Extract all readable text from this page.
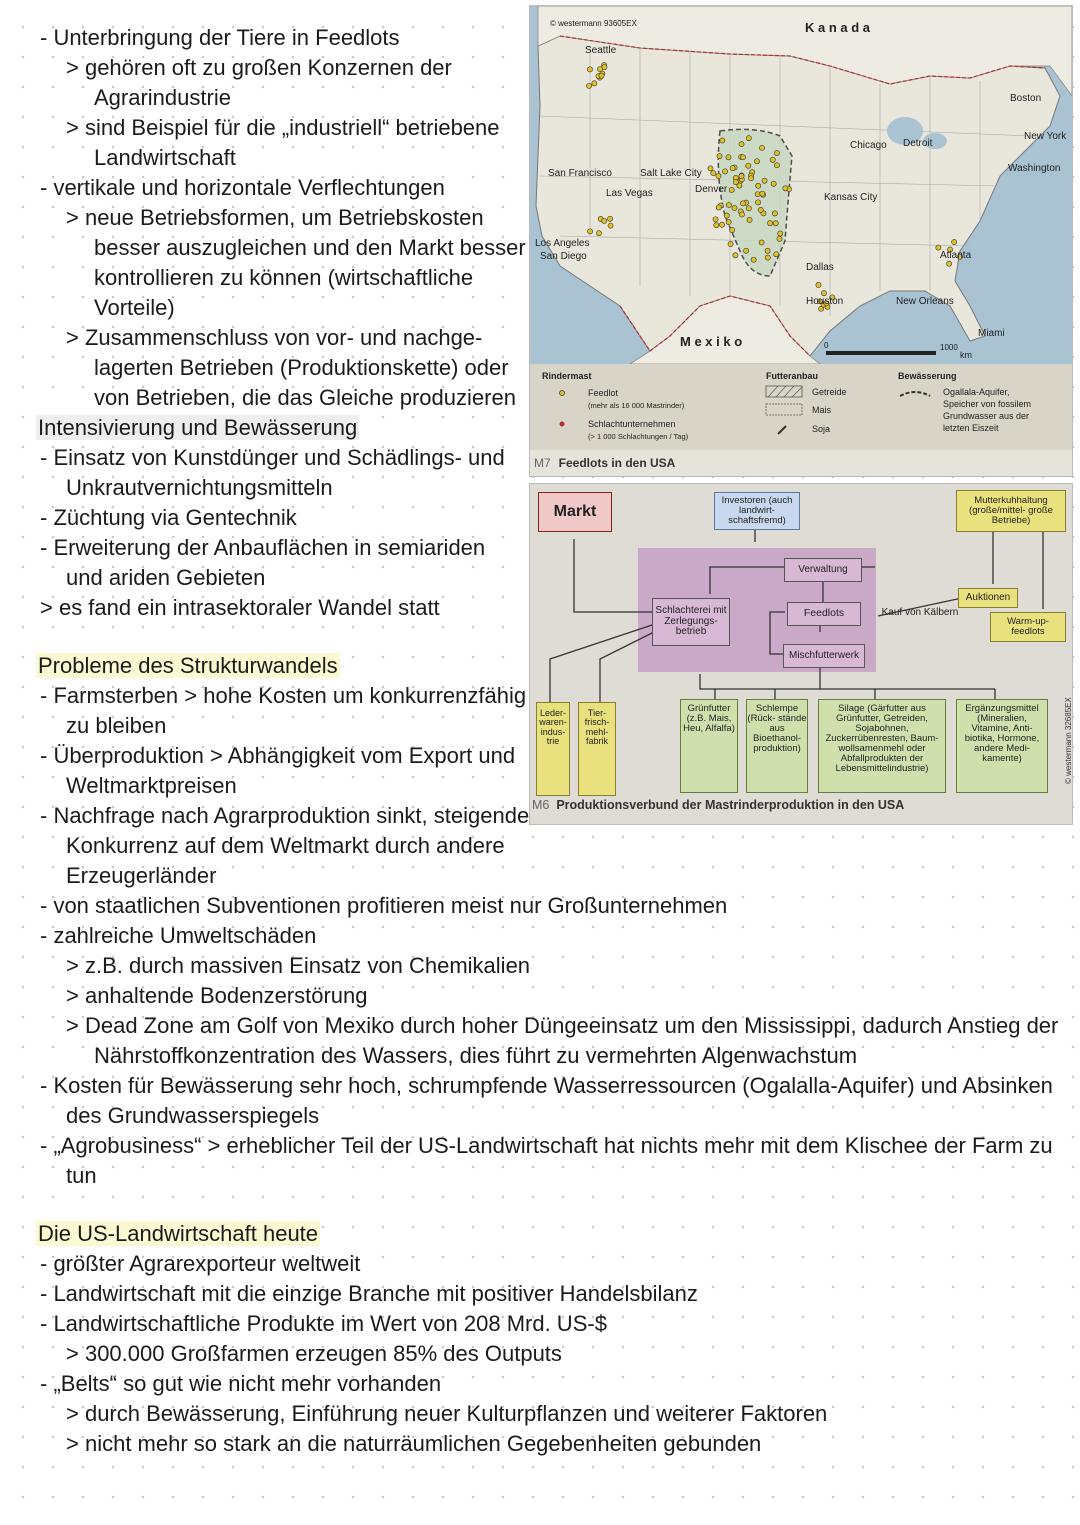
- Unterbringung der Tiere in Feedlots
> gehören oft zu großen Konzernen der
Agrarindustrie
> sind Beispiel für die „industriell“ betriebene
Landwirtschaft
- vertikale und horizontale Verflechtungen
> neue Betriebsformen, um Betriebskosten
besser auszugleichen und den Markt besser
kontrollieren zu können (wirtschaftliche
Vorteile)
> Zusammenschluss von vor- und nachge-
lagerten Betrieben (Produktionskette) oder
von Betrieben, die das Gleiche produzieren
Intensivierung und Bewässerung
- Einsatz von Kunstdünger und Schädlings- und
Unkrautvernichtungsmitteln
- Züchtung via Gentechnik
- Erweiterung der Anbauflächen in semiariden
und ariden Gebieten
> es fand ein intrasektoraler Wandel statt
Probleme des Strukturwandels
- Farmsterben > hohe Kosten um konkurrenzfähig
zu bleiben
- Überproduktion > Abhängigkeit vom Export und
Weltmarktpreisen
- Nachfrage nach Agrarproduktion sinkt, steigende
Konkurrenz auf dem Weltmarkt durch andere
Erzeugerländer
- von staatlichen Subventionen profitieren meist nur Großunternehmen
- zahlreiche Umweltschäden
> z.B. durch massiven Einsatz von Chemikalien
> anhaltende Bodenzerstörung
> Dead Zone am Golf von Mexiko durch hoher Düngeeinsatz um den Mississippi, dadurch Anstieg der
Nährstoffkonzentration des Wassers, dies führt zu vermehrten Algenwachstum
- Kosten für Bewässerung sehr hoch, schrumpfende Wasserressourcen (Ogalalla-Aquifer) und Absinken
des Grundwasserspiegels
- „Agrobusiness“ > erheblicher Teil der US-Landwirtschaft hat nichts mehr mit dem Klischee der Farm zu
tun
Die US-Landwirtschaft heute
- größter Agrarexporteur weltweit
- Landwirtschaft mit die einzige Branche mit positiver Handelsbilanz
- Landwirtschaftliche Produkte im Wert von 208 Mrd. US-$
> 300.000 Großfarmen erzeugen 85% des Outputs
- „Belts“ so gut wie nicht mehr vorhanden
> durch Bewässerung, Einführung neuer Kulturpflanzen und weiterer Faktoren
> nicht mehr so stark an die naturräumlichen Gegebenheiten gebunden
© westermann 93605EX	K a n a d a
M e x i k o
Seattle
San Francisco	Salt Lake City
Las Vegas	Denver
Los Angeles
San Diego
Chicago Detroit
Boston
New York
Washington
Kansas City
Dallas
Houston
Atlanta
New Orleans
Miami
0	1000
km
Rindermast
Feedlot
(mehr als 16 000 Mastrinder)
Schlachtunternehmen
(> 1 000 Schlachtungen / Tag)
Futteranbau
Getreide
Mais
Soja
Bewässerung
Ogallala-Aquifer,
Speicher von fossilem
Grundwasser aus der
letzten Eiszeit
M7 Feedlots in den USA
Markt
Investoren (auch landwirt- schaftsfremd)
Mutterkuhhaltung (große/mittel- große Betriebe)
Verwaltung
Feedlots
Schlachterei mit Zerlegungs- betrieb
Kauf von Kälbern
Auktionen
Warm-up- feedlots
Mischfutterwerk
Leder- waren- indus- trie
Tier- frisch- mehl- fabrik
Grünfutter (z.B. Mais, Heu, Alfalfa)
Schlempe (Rück- stände aus Bioethanol- produktion)
Silage (Gärfutter aus Grünfutter, Getreiden, Sojabohnen, Zuckerrübenresten, Baum- wollsamenmehl oder Abfallprodukten der Lebensmittelindustrie)
Ergänzungsmittel (Mineralien, Vitamine, Anti- biotika, Hormone, andere Medi- kamente)	© westermann 32685EX
M6 Produktionsverbund der Mastrinderproduktion in den USA
